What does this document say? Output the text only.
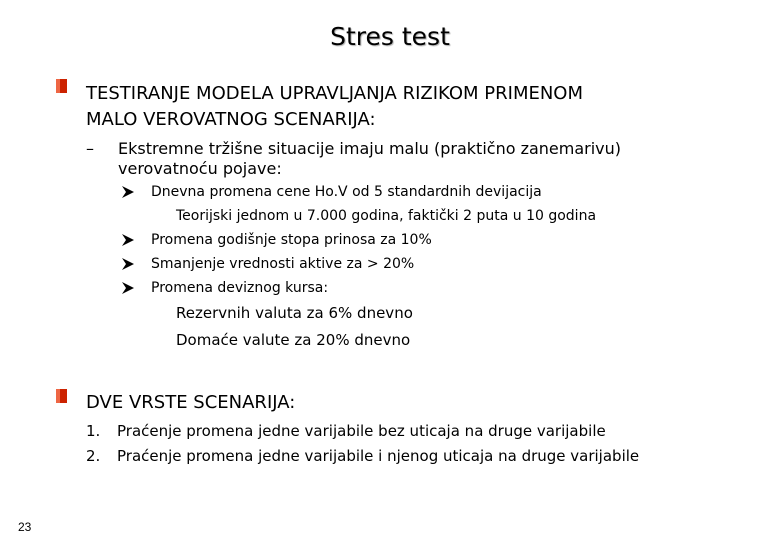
Stres test
TESTIRANJE MODELA UPRAVLJANJA RIZIKOM PRIMENOM
MALO VEROVATNOG SCENARIJA:
– Ekstremne tržišne situacije imaju malu (praktično zanemarivu)
verovatnoću pojave:
Dnevna promena cene Ho.V od 5 standardnih devijacija
Teorijski jednom u 7.000 godina, faktički 2 puta u 10 godina
Promena godišnje stopa prinosa za 10%
Smanjenje vrednosti aktive za > 20%
Promena deviznog kursa:
Rezervnih valuta za 6% dnevno
Domaće valute za 20% dnevno
DVE VRSTE SCENARIJA:
1. Praćenje promena jedne varijabile bez uticaja na druge varijabile
2. Praćenje promena jedne varijabile i njenog uticaja na druge varijabile
23
